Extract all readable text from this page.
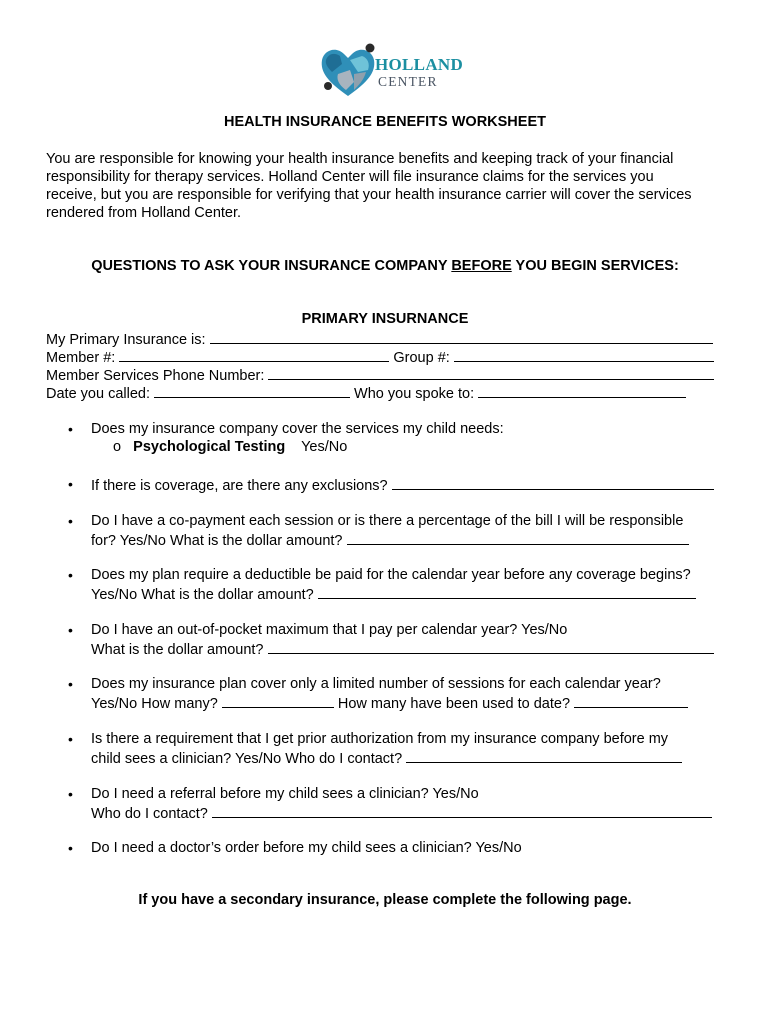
HOLLAND
CENTER
HEALTH INSURANCE BENEFITS WORKSHEET
You are responsible for knowing your health insurance benefits and keeping track of your financial
responsibility for therapy services. Holland Center will file insurance claims for the services you
receive, but you are responsible for verifying that your health insurance carrier will cover the services
rendered from Holland Center.
QUESTIONS TO ASK YOUR INSURANCE COMPANY BEFORE YOU BEGIN SERVICES:
PRIMARY INSURNANCE
My Primary Insurance is:
Member #:	Group #:
Member Services Phone Number:
Date you called:	Who you spoke to:
• Does my insurance company cover the services my child needs:
o Psychological Testing Yes/No
• If there is coverage, are there any exclusions?
• Do I have a co-payment each session or is there a percentage of the bill I will be responsible
for? Yes/No What is the dollar amount?
• Does my plan require a deductible be paid for the calendar year before any coverage begins?
Yes/No What is the dollar amount?
• Do I have an out-of-pocket maximum that I pay per calendar year? Yes/No
What is the dollar amount?
• Does my insurance plan cover only a limited number of sessions for each calendar year?
Yes/No How many?	How many have been used to date?
• Is there a requirement that I get prior authorization from my insurance company before my
child sees a clinician? Yes/No Who do I contact?
• Do I need a referral before my child sees a clinician? Yes/No
Who do I contact?
• Do I need a doctor’s order before my child sees a clinician? Yes/No
If you have a secondary insurance, please complete the following page.
